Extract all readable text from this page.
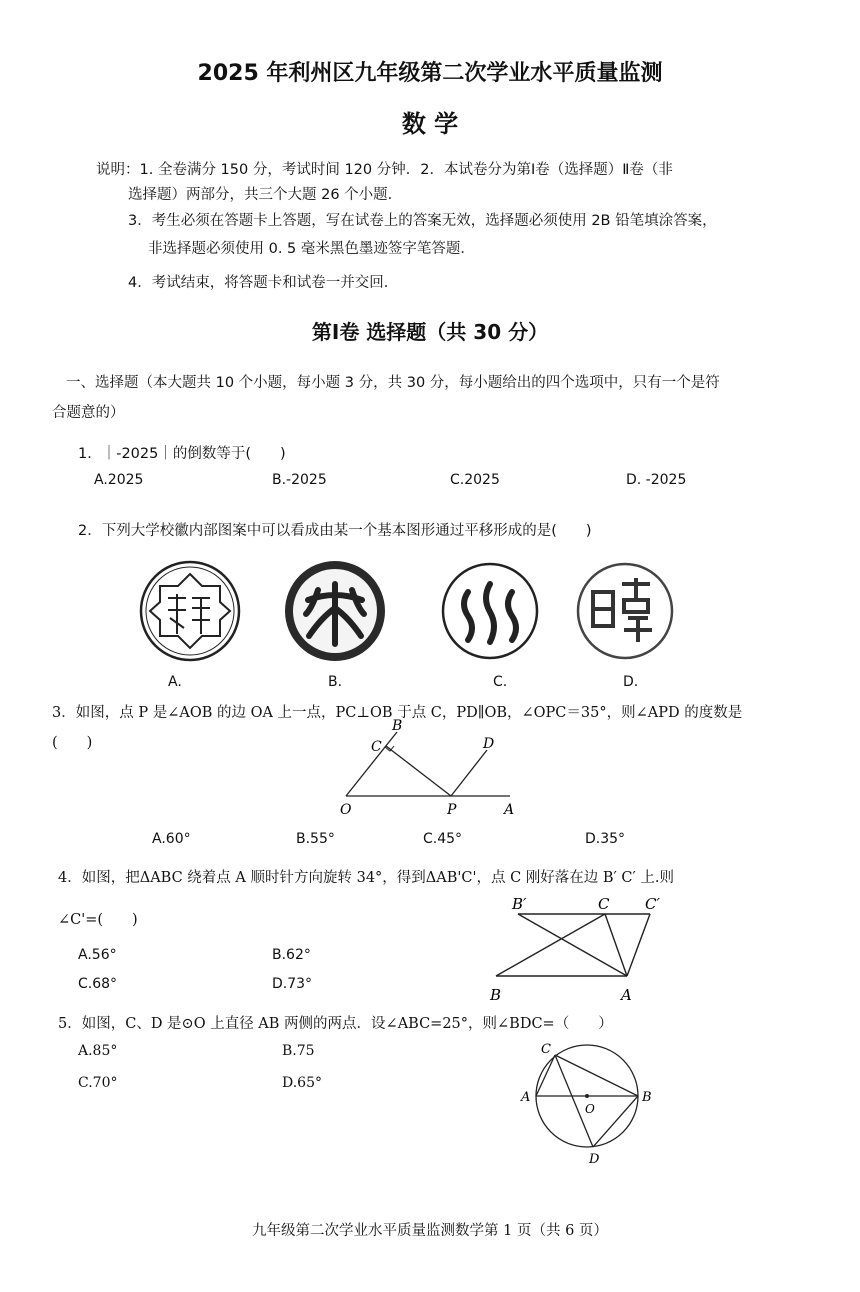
2025 年利州区九年级第二次学业水平质量监测
数 学
说明：1. 全卷满分 150 分，考试时间 120 分钟．2．本试卷分为第Ⅰ卷（选择题）Ⅱ卷（非
选择题）两部分，共三个大题 26 个小题．
3．考生必须在答题卡上答题，写在试卷上的答案无效，选择题必须使用 2B 铅笔填涂答案，
非选择题必须使用 0. 5 毫米黑色墨迹签字笔答题．
4．考试结束，将答题卡和试卷一并交回．
第Ⅰ卷 选择题（共 30 分）
一、选择题（本大题共 10 个小题，每小题 3 分，共 30 分，每小题给出的四个选项中，只有一个是符
合题意的）
1．｜-2025｜的倒数等于(　　)
A.2025	B.-2025	C.2025	D. -2025
2．下列大学校徽内部图案中可以看成由某一个基本图形通过平移形成的是(　　)
A.	B.	C.	D.
3．如图，点 P 是∠AOB 的边 OA 上一点，PC⊥OB 于点 C，PD∥OB，∠OPC＝35°，则∠APD 的度数是
(　　)
B
C	D
O	P	A
A.60°	B.55°	C.45°	D.35°
4．如图，把ΔABC 绕着点 A 顺时针方向旋转 34°，得到ΔAB'C'，点 C 刚好落在边 B′ C′ 上.则
∠C'=(　　)
A.56°	B.62°
C.68°	D.73°
B′	C C′
B	A
5．如图，C、D 是⊙O 上直径 AB 两侧的两点．设∠ABC=25°，则∠BDC=（　　）
A.85°	B.75
C.70°	D.65°
C
A
O
B
D
九年级第二次学业水平质量监测数学第 1 页（共 6 页）
